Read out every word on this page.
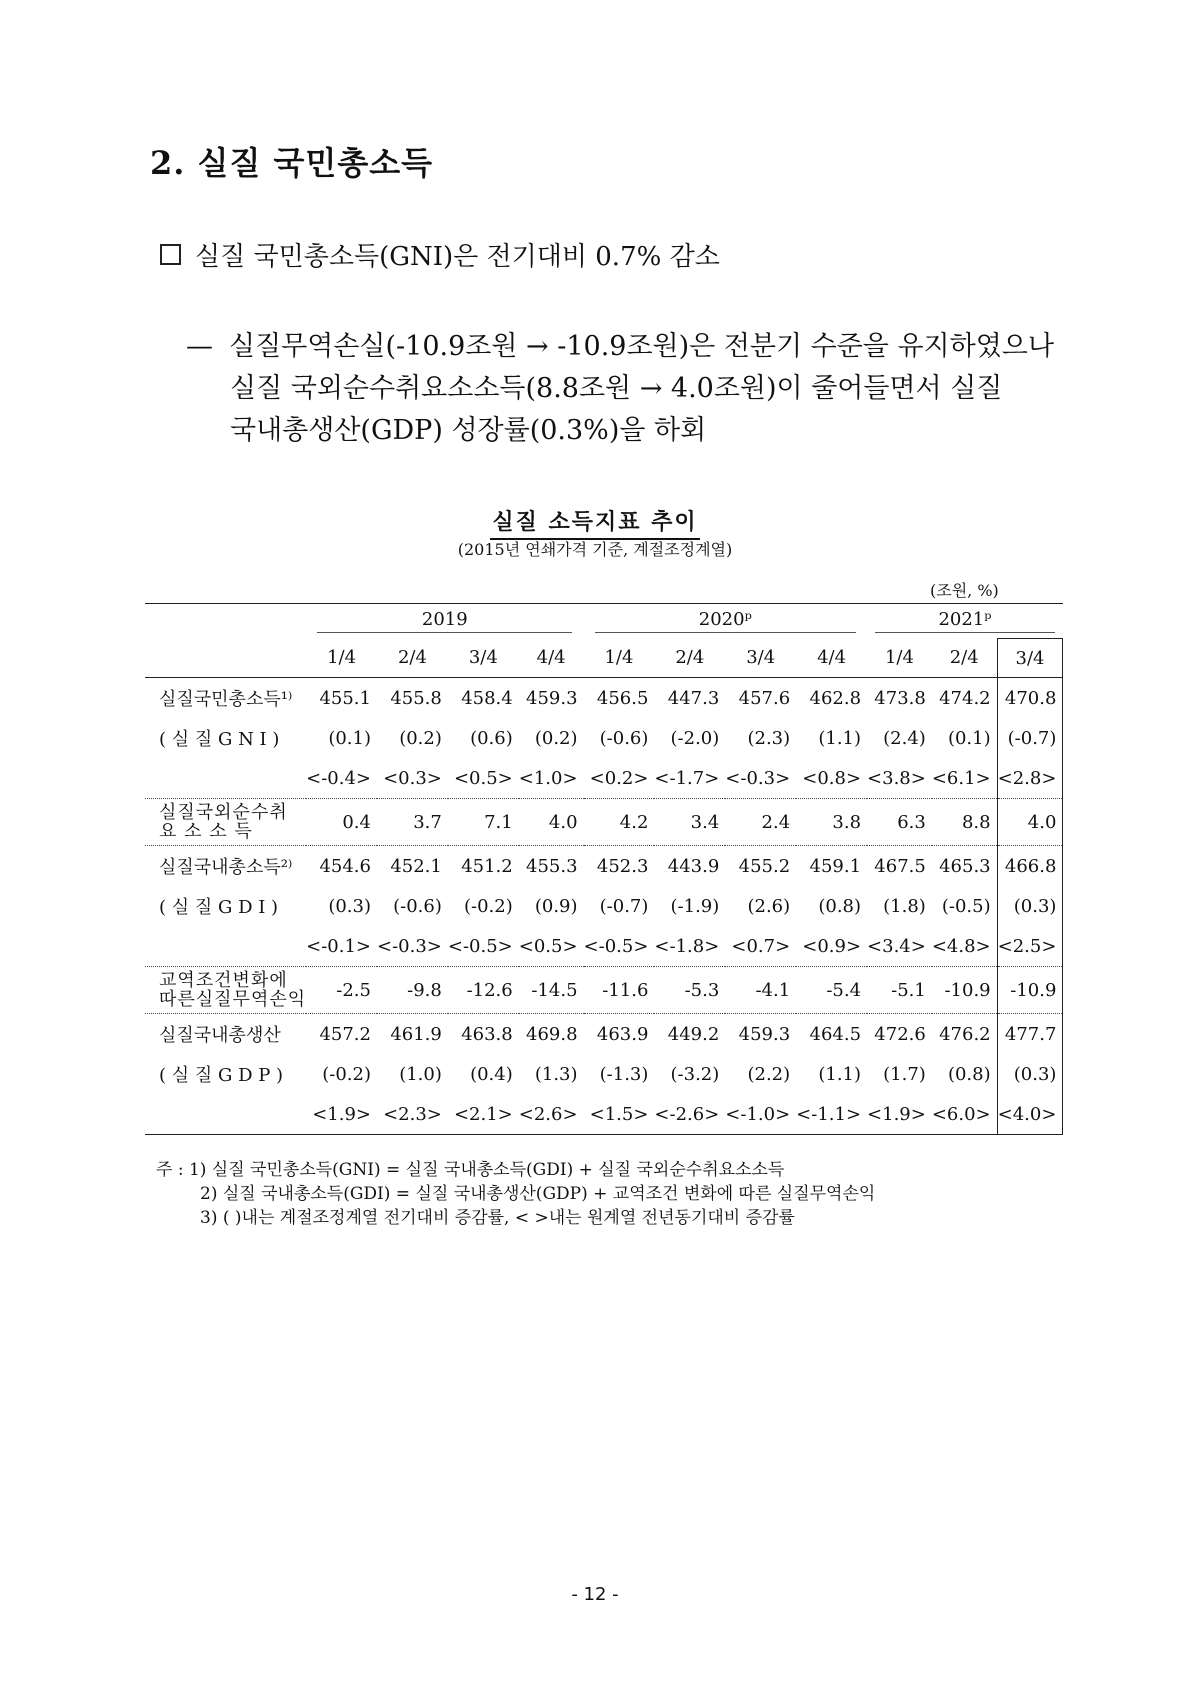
2. 실질 국민총소득
실질 국민총소득(GNI)은 전기대비 0.7% 감소
— 실질무역손실(-10.9조원 → -10.9조원)은 전분기 수준을 유지하였으나
실질 국외순수취요소소득(8.8조원 → 4.0조원)이 줄어들면서 실질
국내총생산(GDP) 성장률(0.3%)을 하회
실질 소득지표 추이
(2015년 연쇄가격 기준, 계절조정계열)
(조원, %)
	2019				2020ᵖ				2021ᵖ		
	1/4	2/4	3/4	4/4	1/4	2/4	3/4	4/4	1/4	2/4	3/4
실질국민총소득¹⁾	455.1	455.8	458.4	459.3	456.5	447.3	457.6	462.8	473.8	474.2	470.8
( 실 질 G N I )	(0.1)	(0.2)	(0.6)	(0.2)	(-0.6)	(-2.0)	(2.3)	(1.1)	(2.4)	(0.1)	(-0.7)
	<-0.4>	<0.3>	<0.5>	<1.0>	<0.2>	<-1.7>	<-0.3>	<0.8>	<3.8>	<6.1>	<2.8>

실질국외순수취
요 소 소 득	0.4	3.7	7.1	4.0	4.2	3.4	2.4	3.8	6.3	8.8	4.0
실질국내총소득²⁾	454.6	452.1	451.2	455.3	452.3	443.9	455.2	459.1	467.5	465.3	466.8
( 실 질 G D I )	(0.3)	(-0.6)	(-0.2)	(0.9)	(-0.7)	(-1.9)	(2.6)	(0.8)	(1.8)	(-0.5)	(0.3)
	<-0.1>	<-0.3>	<-0.5>	<0.5>	<-0.5>	<-1.8>	<0.7>	<0.9>	<3.4>	<4.8>	<2.5>

교역조건변화에
따른실질무역손익	-2.5	-9.8	-12.6	-14.5	-11.6	-5.3	-4.1	-5.4	-5.1	-10.9	-10.9
실질국내총생산	457.2	461.9	463.8	469.8	463.9	449.2	459.3	464.5	472.6	476.2	477.7
( 실 질 G D P )	(-0.2)	(1.0)	(0.4)	(1.3)	(-1.3)	(-3.2)	(2.2)	(1.1)	(1.7)	(0.8)	(0.3)
	<1.9>	<2.3>	<2.1>	<2.6>	<1.5>	<-2.6>	<-1.0>	<-1.1>	<1.9>	<6.0>	<4.0>
주 : 1) 실질 국민총소득(GNI) = 실질 국내총소득(GDI) + 실질 국외순수취요소소득
2) 실질 국내총소득(GDI) = 실질 국내총생산(GDP) + 교역조건 변화에 따른 실질무역손익
3) ( )내는 계절조정계열 전기대비 증감률, < >내는 원계열 전년동기대비 증감률
- 12 -
